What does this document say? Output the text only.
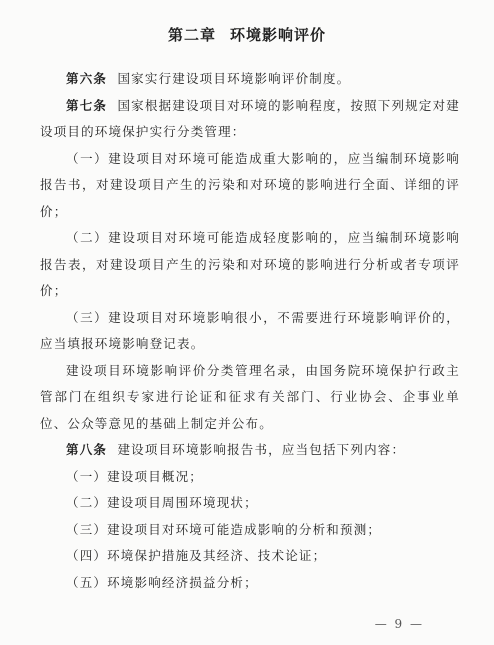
第二章 环境影响评价

第六条 国家实行建设项目环境影响评价制度。

第七条 国家根据建设项目对环境的影响程度，按照下列规定对建设项目的环境保护实行分类管理：

（一）建设项目对环境可能造成重大影响的，应当编制环境影响报告书，对建设项目产生的污染和对环境的影响进行全面、详细的评价；

（二）建设项目对环境可能造成轻度影响的，应当编制环境影响报告表，对建设项目产生的污染和对环境的影响进行分析或者专项评价；

（三）建设项目对环境影响很小，不需要进行环境影响评价的，应当填报环境影响登记表。

建设项目环境影响评价分类管理名录，由国务院环境保护行政主管部门在组织专家进行论证和征求有关部门、行业协会、企事业单位、公众等意见的基础上制定并公布。

第八条 建设项目环境影响报告书，应当包括下列内容：

（一）建设项目概况；

（二）建设项目周围环境现状；

（三）建设项目对环境可能造成影响的分析和预测；

（四）环境保护措施及其经济、技术论证；

（五）环境影响经济损益分析；

— 9 —
